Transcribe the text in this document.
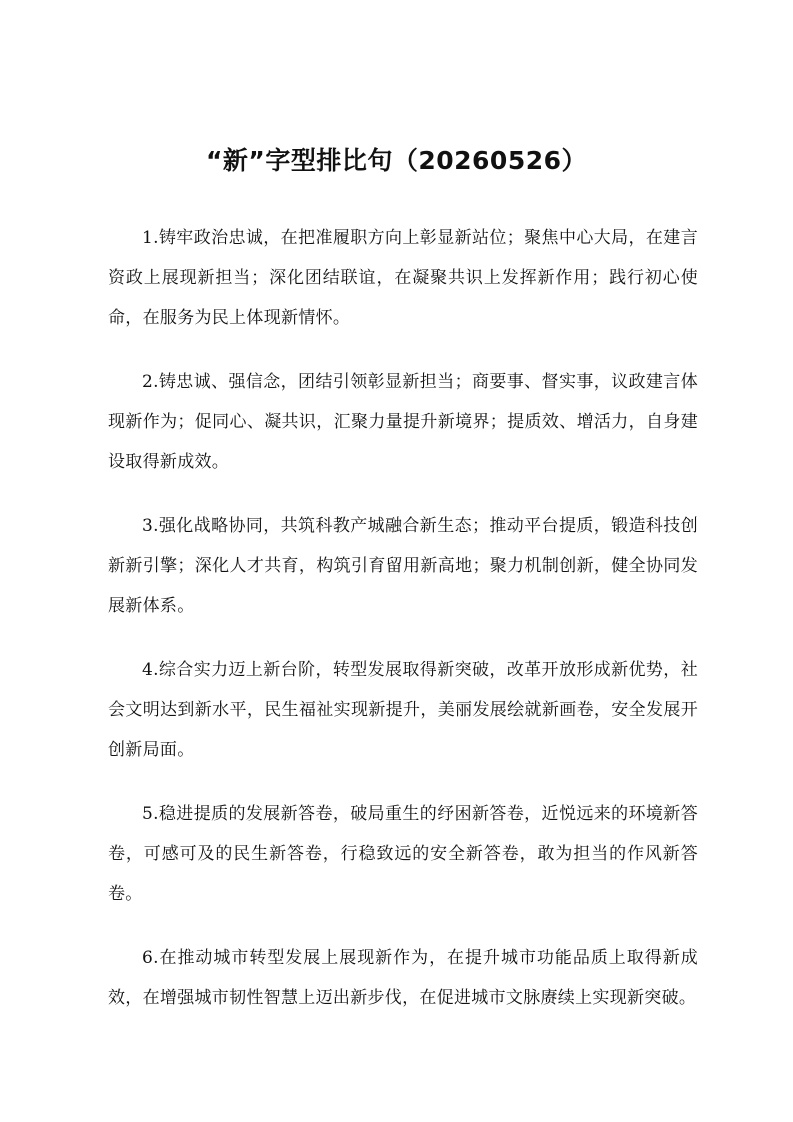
“新”字型排比句（20260526）

1.铸牢政治忠诚，在把准履职方向上彰显新站位；聚焦中心大局，在建言资政上展现新担当；深化团结联谊，在凝聚共识上发挥新作用；践行初心使命，在服务为民上体现新情怀。

2.铸忠诚、强信念，团结引领彰显新担当；商要事、督实事，议政建言体现新作为；促同心、凝共识，汇聚力量提升新境界；提质效、增活力，自身建设取得新成效。

3.强化战略协同，共筑科教产城融合新生态；推动平台提质，锻造科技创新新引擎；深化人才共育，构筑引育留用新高地；聚力机制创新，健全协同发展新体系。

4.综合实力迈上新台阶，转型发展取得新突破，改革开放形成新优势，社会文明达到新水平，民生福祉实现新提升，美丽发展绘就新画卷，安全发展开创新局面。

5.稳进提质的发展新答卷，破局重生的纾困新答卷，近悦远来的环境新答卷，可感可及的民生新答卷，行稳致远的安全新答卷，敢为担当的作风新答卷。

6.在推动城市转型发展上展现新作为，在提升城市功能品质上取得新成效，在增强城市韧性智慧上迈出新步伐，在促进城市文脉赓续上实现新突破。
